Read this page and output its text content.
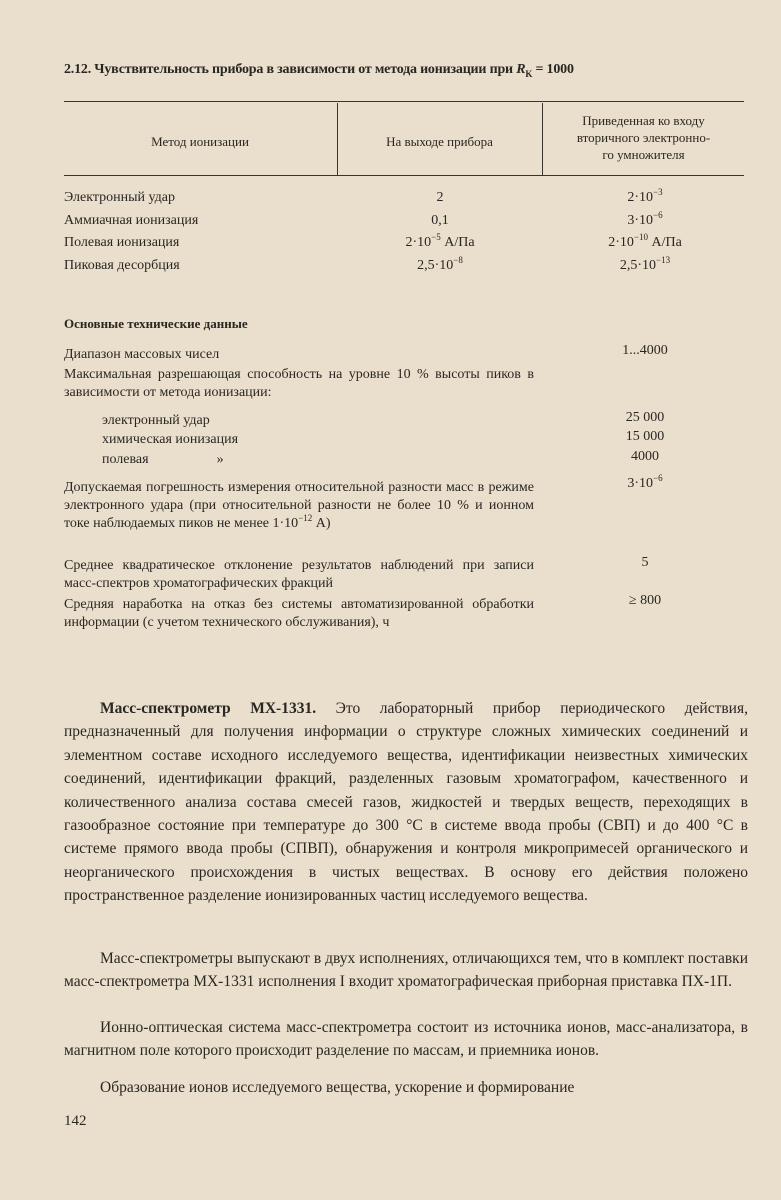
2.12. Чувствительность прибора в зависимости от метода ионизации при $R_K = 1000$
Метод ионизации	На выходе прибора
Приведенная ко входу
вторичного электронно-
го умножителя
Электронный удар	2	$2\cdot 10^{-3}$
Аммиачная ионизация	0,1	$3\cdot 10^{-6}$
Полевая ионизация	$2\cdot 10^{-5}$ А/Па	$2\cdot 10^{-10}$ А/Па
Пиковая десорбция	$2,5\cdot 10^{-8}$	$2,5\cdot 10^{-13}$
Основные технические данные
Диапазон массовых чисел	1...4000
Максимальная разрешающая способность на уровне 10 % высоты пиков в зависимости от метода ионизации:
электронный удар	25 000
химическая ионизация	15 000
полевая	»	4000
Допускаемая погрешность измерения относительной разности масс в режиме электронного удара (при относительной разности не более 10 % и ионном токе наблюдаемых пиков не менее $1\cdot 10^{-12}$ А)
$3\cdot 10^{-6}$
Среднее квадратическое отклонение результатов наблюдений при записи масс-спектров хроматографических фракций
5
Средняя наработка на отказ без системы автоматизированной обработки информации (с учетом технического обслуживания), ч
≥ 800
Масс-спектрометр МХ-1331. Это лабораторный прибор периодического действия, предназначенный для получения информации о структуре сложных химических соединений и элементном составе исходного исследуемого вещества, идентификации неизвестных химических соединений, идентификации фракций, разделенных газовым хроматографом, качественного и количественного анализа состава смесей газов, жидкостей и твердых веществ, переходящих в газообразное состояние при температуре до 300 °С в системе ввода пробы (СВП) и до 400 °С в системе прямого ввода пробы (СПВП), обнаружения и контроля микропримесей органического и неорганического происхождения в чистых веществах. В основу его действия положено пространственное разделение ионизированных частиц исследуемого вещества.
Масс-спектрометры выпускают в двух исполнениях, отличающихся тем, что в комплект поставки масс-спектрометра МХ-1331 исполнения I входит хроматографическая приборная приставка ПХ-1П.
Ионно-оптическая система масс-спектрометра состоит из источника ионов, масс-анализатора, в магнитном поле которого происходит разделение по массам, и приемника ионов.
Образование ионов исследуемого вещества, ускорение и формирование
142
